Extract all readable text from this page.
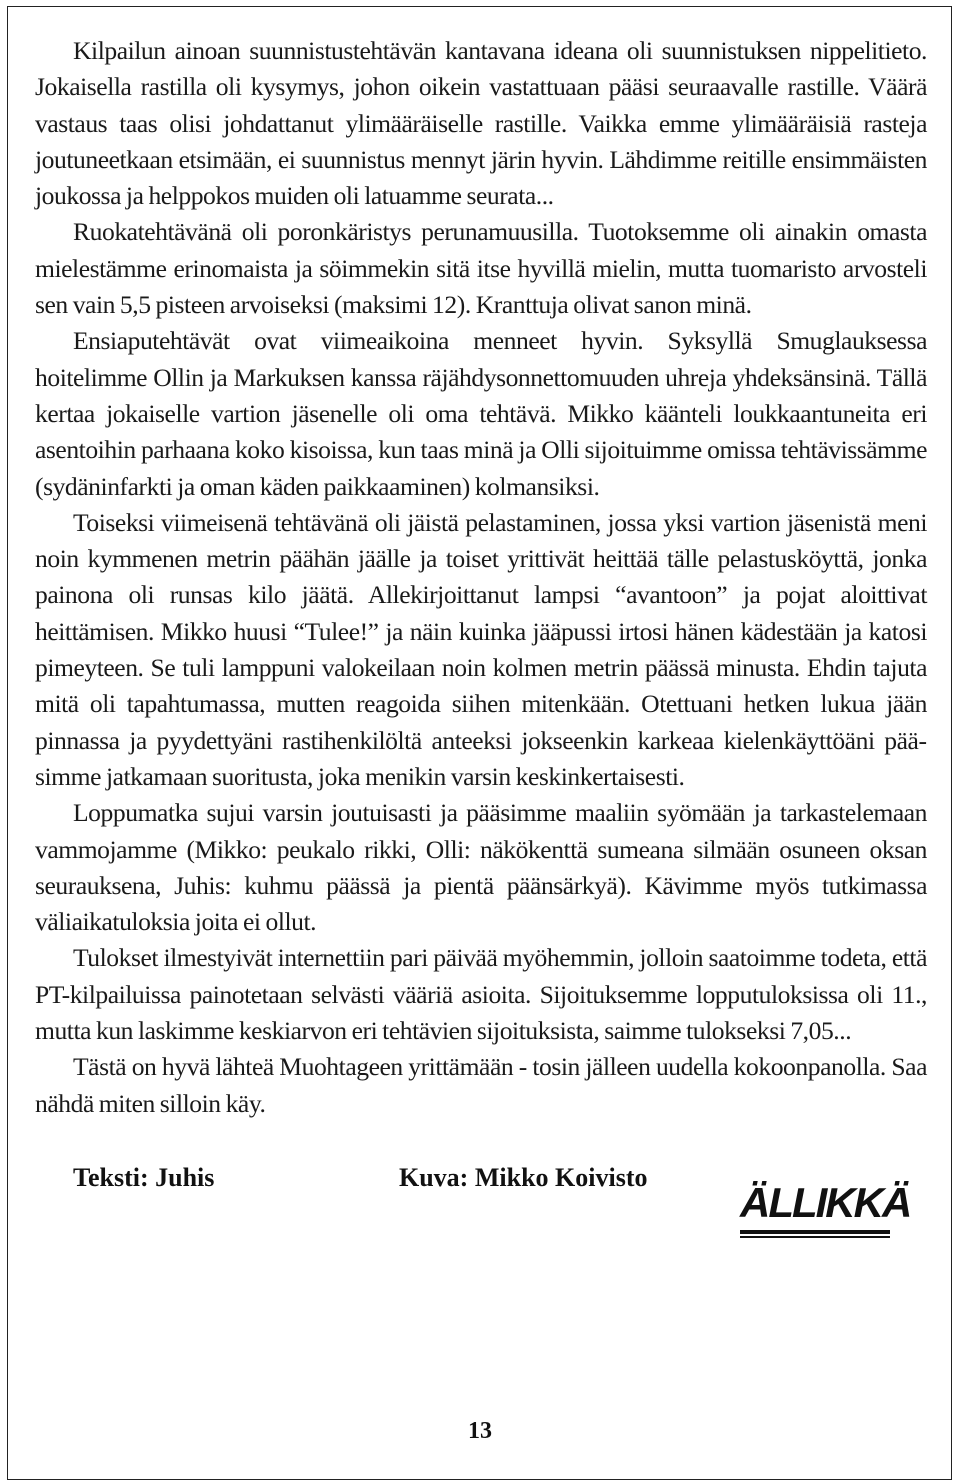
Kilpailun ainoan suunnistustehtävän kantavana ideana oli suunnistuksen nippelitieto. Jokaisella rastilla oli kysymys, johon oikein vastattuaan pääsi seuraavalle rastille. Väärä vastaus taas olisi johdattanut ylimääräiselle rastille. Vaikka emme ylimääräisiä rasteja joutuneetkaan etsimään, ei suunnistus mennyt järin hyvin. Lähdimme reitille ensimmäisten joukossa ja helppokos muiden oli latuamme seurata...

Ruokatehtävänä oli poronkäristys perunamuusilla. Tuotoksemme oli ainakin omasta mielestämme erinomaista ja söimmekin sitä itse hyvillä mielin, mutta tuomaristo arvosteli sen vain 5,5 pisteen arvoiseksi (maksimi 12). Kranttuja olivat sanon minä.

Ensiaputehtävät ovat viimeaikoina menneet hyvin. Syksyllä Smuglauksessa hoitelimme Ollin ja Markuksen kanssa räjähdysonnettomuuden uhreja yhdeksänsinä. Tällä kertaa jokaiselle vartion jäsenelle oli oma tehtävä. Mikko käänteli loukkaantuneita eri asentoihin parhaana koko kisoissa, kun taas minä ja Olli sijoituimme omissa tehtävissämme (sydäninfarkti ja oman käden paikkaaminen) kolmansiksi.

Toiseksi viimeisenä tehtävänä oli jäistä pelastaminen, jossa yksi vartion jäsenistä meni noin kymmenen metrin päähän jäälle ja toiset yrittivät heittää tälle pelastusköyttä, jonka painona oli runsas kilo jäätä. Allekirjoittanut lampsi “avantoon” ja pojat aloittivat heittämisen. Mikko huusi “Tulee!” ja näin kuinka jääpussi irtosi hänen kädestään ja katosi pimeyteen. Se tuli lamppuni valokeilaan noin kolmen metrin päässä minusta. Ehdin tajuta mitä oli tapahtumassa, mutten reagoida siihen mitenkään. Otettuani hetken lukua jään pinnassa ja pyydettyäni rastihenkilöltä anteeksi jokseenkin karkeaa kielenkäyttöäni pääsimme jatkamaan suoritusta, joka menikin varsin keskinkertaisesti.

Loppumatka sujui varsin joutuisasti ja pääsimme maaliin syömään ja tarkastelemaan vammojamme (Mikko: peukalo rikki, Olli: näkökenttä sumeana silmään osuneen oksan seurauksena, Juhis: kuhmu päässä ja pientä päänsärkyä). Kävimme myös tutkimassa väliaikatuloksia joita ei ollut.

Tulokset ilmestyivät internettiin pari päivää myöhemmin, jolloin saatoimme todeta, että PT-kilpailuissa painotetaan selvästi vääriä asioita. Sijoituksemme lopputuloksissa oli 11., mutta kun laskimme keskiarvon eri tehtävien sijoituksista, saimme tulokseksi 7,05...

Tästä on hyvä lähteä Muohtageen yrittämään - tosin jälleen uudella kokoonpanolla. Saa nähdä miten silloin käy.

Teksti: Juhis	Kuva: Mikko Koivisto
ÄLLIKKÄ
13
